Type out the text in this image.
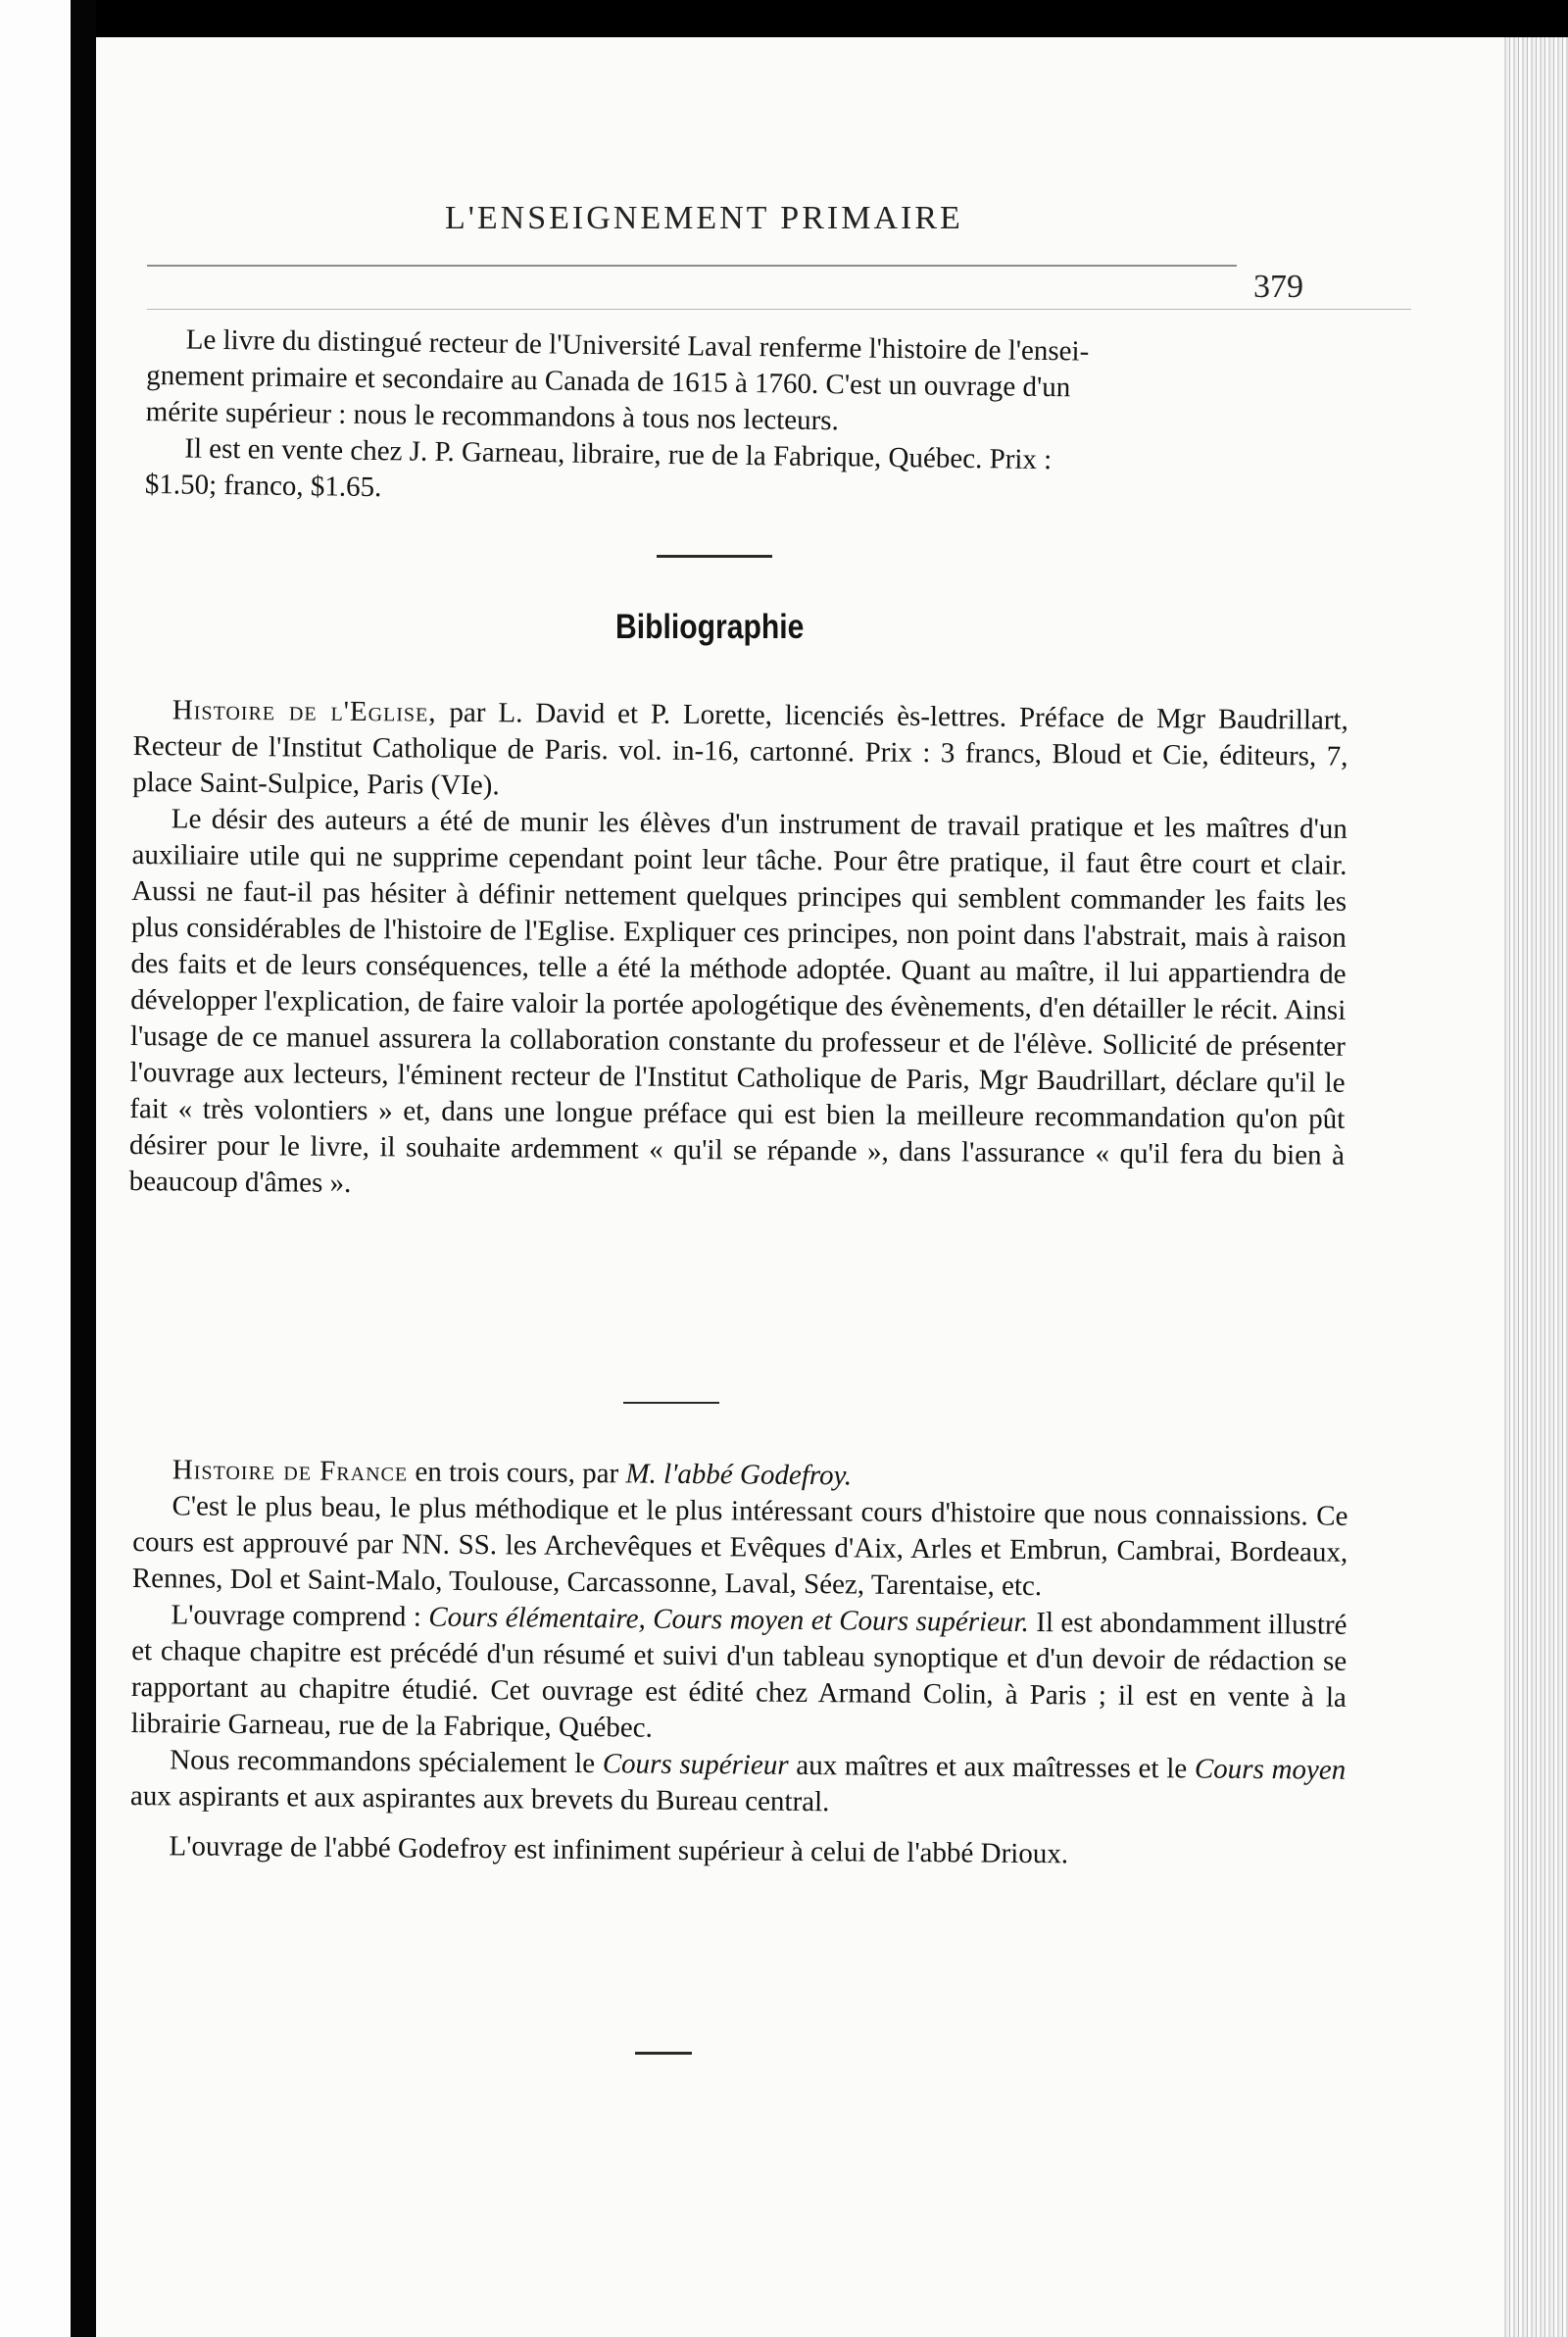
L'ENSEIGNEMENT PRIMAIRE
379

Le livre du distingué recteur de l'Université Laval renferme l'histoire de l'ensei-

gnement primaire et secondaire au Canada de 1615 à 1760. C'est un ouvrage d'un

mérite supérieur : nous le recommandons à tous nos lecteurs.

Il est en vente chez J. P. Garneau, libraire, rue de la Fabrique, Québec. Prix :

$1.50; franco, $1.65.

Bibliographie

Histoire de l'Eglise, par L. David et P. Lorette, licenciés ès-lettres. Préface de Mgr Baudrillart, Recteur de l'Institut Catholique de Paris. vol. in-16, cartonné. Prix : 3 francs, Bloud et Cie, éditeurs, 7, place Saint-Sulpice, Paris (VIe).

Le désir des auteurs a été de munir les élèves d'un instrument de travail pratique et les maîtres d'un auxiliaire utile qui ne supprime cependant point leur tâche. Pour être pratique, il faut être court et clair. Aussi ne faut-il pas hésiter à définir nettement quelques principes qui semblent commander les faits les plus considérables de l'histoire de l'Eglise. Expliquer ces principes, non point dans l'abstrait, mais à raison des faits et de leurs conséquences, telle a été la méthode adoptée. Quant au maître, il lui appartiendra de développer l'explication, de faire valoir la portée apologétique des évènements, d'en détailler le récit. Ainsi l'usage de ce manuel assurera la collaboration constante du professeur et de l'élève. Sollicité de présenter l'ouvrage aux lecteurs, l'éminent recteur de l'Institut Catholique de Paris, Mgr Baudrillart, déclare qu'il le fait « très volontiers » et, dans une longue préface qui est bien la meilleure recommandation qu'on pût désirer pour le livre, il souhaite ardemment « qu'il se répande », dans l'assurance « qu'il fera du bien à beaucoup d'âmes ».

Histoire de France en trois cours, par M. l'abbé Godefroy.

C'est le plus beau, le plus méthodique et le plus intéressant cours d'histoire que nous connaissions. Ce cours est approuvé par NN. SS. les Archevêques et Evêques d'Aix, Arles et Embrun, Cambrai, Bordeaux, Rennes, Dol et Saint-Malo, Toulouse, Carcassonne, Laval, Séez, Tarentaise, etc.

L'ouvrage comprend : Cours élémentaire, Cours moyen et Cours supérieur. Il est abondamment illustré et chaque chapitre est précédé d'un résumé et suivi d'un tableau synoptique et d'un devoir de rédaction se rapportant au chapitre étudié. Cet ouvrage est édité chez Armand Colin, à Paris ; il est en vente à la librairie Garneau, rue de la Fabrique, Québec.

Nous recommandons spécialement le Cours supérieur aux maîtres et aux maîtresses et le Cours moyen aux aspirants et aux aspirantes aux brevets du Bureau central.

L'ouvrage de l'abbé Godefroy est infiniment supérieur à celui de l'abbé Drioux.
